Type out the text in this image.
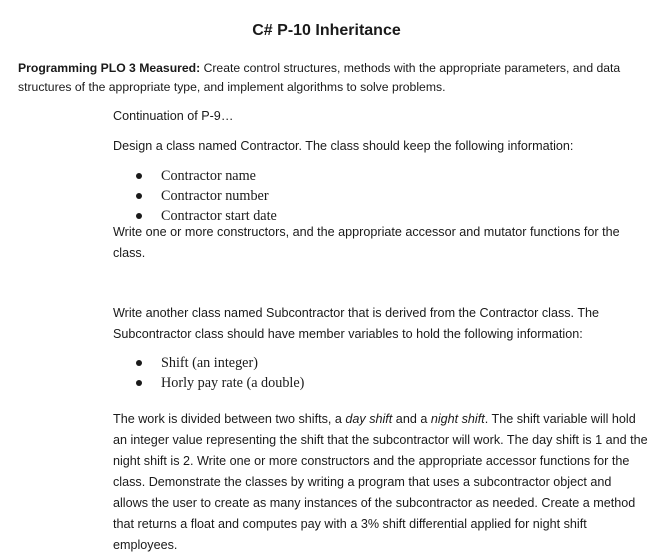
C# P-10 Inheritance
Programming PLO 3 Measured: Create control structures, methods with the appropriate parameters, and data structures of the appropriate type, and implement algorithms to solve problems.
Continuation of P-9…
Design a class named Contractor. The class should keep the following information:
Contractor name
Contractor number
Contractor start date
Write one or more constructors, and the appropriate accessor and mutator functions for the class.
Write another class named Subcontractor that is derived from the Contractor class. The Subcontractor class should have member variables to hold the following information:
Shift (an integer)
Horly pay rate (a double)
The work is divided between two shifts, a day shift and a night shift. The shift variable will hold an integer value representing the shift that the subcontractor will work. The day shift is 1 and the night shift is 2. Write one or more constructors and the appropriate accessor functions for the class. Demonstrate the classes by writing a program that uses a subcontractor object and allows the user to create as many instances of the subcontractor as needed. Create a method that returns a float and computes pay with a 3% shift differential applied for night shift employees.
